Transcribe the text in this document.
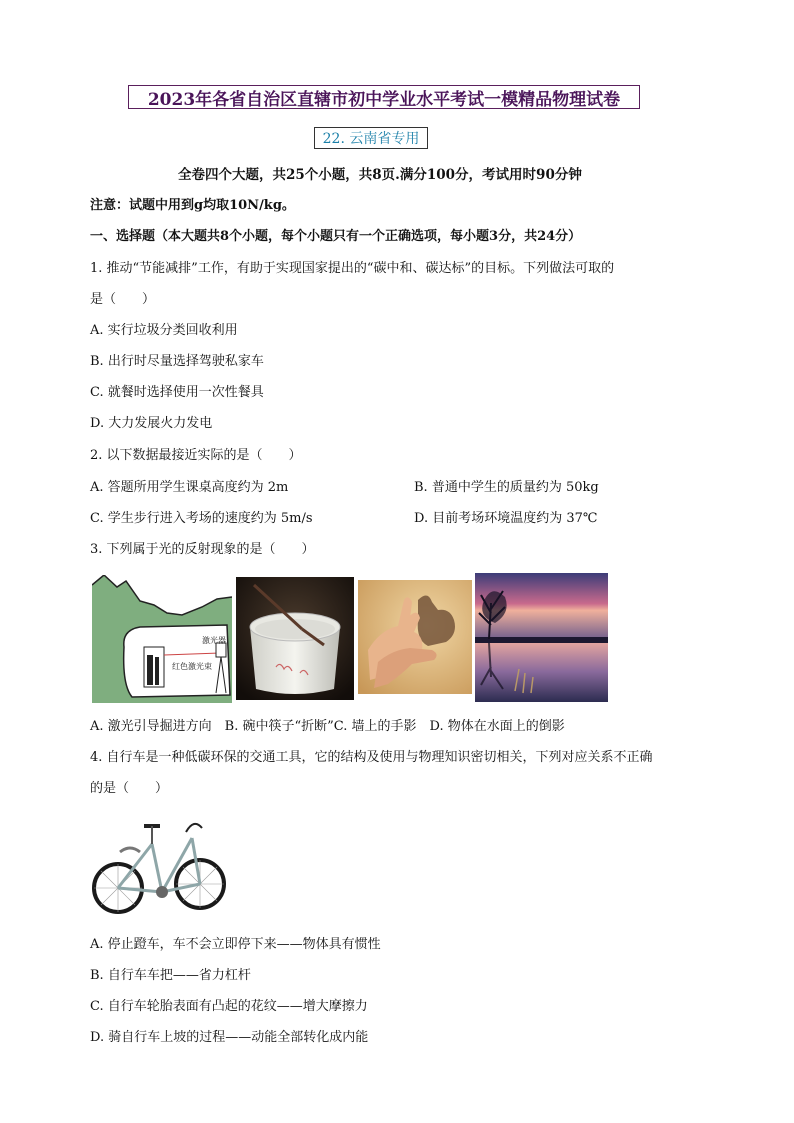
2023年各省自治区直辖市初中学业水平考试一模精品物理试卷
22. 云南省专用
全卷四个大题，共25个小题，共8页.满分100分，考试用时90分钟
注意：试题中用到g均取10N/kg。
一、选择题（本大题共8个小题，每个小题只有一个正确选项，每小题3分，共24分）
1. 推动“节能减排”工作，有助于实现国家提出的“碳中和、碳达标”的目标。下列做法可取的
是（　　）
A. 实行垃圾分类回收利用
B. 出行时尽量选择驾驶私家车
C. 就餐时选择使用一次性餐具
D. 大力发展火力发电
2. 以下数据最接近实际的是（　　）
A. 答题所用学生课桌高度约为 2m	B. 普通中学生的质量约为 50kg
C. 学生步行进入考场的速度约为 5m/s	D. 目前考场环境温度约为 37℃
3. 下列属于光的反射现象的是（　　）
激光器
红色激光束
A. 激光引导掘进方向　B. 碗中筷子“折断”C. 墙上的手影　D. 物体在水面上的倒影
4. 自行车是一种低碳环保的交通工具，它的结构及使用与物理知识密切相关，下列对应关系不正确
的是（　　）
A. 停止蹬车，车不会立即停下来——物体具有惯性
B. 自行车车把——省力杠杆
C. 自行车轮胎表面有凸起的花纹——增大摩擦力
D. 骑自行车上坡的过程——动能全部转化成内能
